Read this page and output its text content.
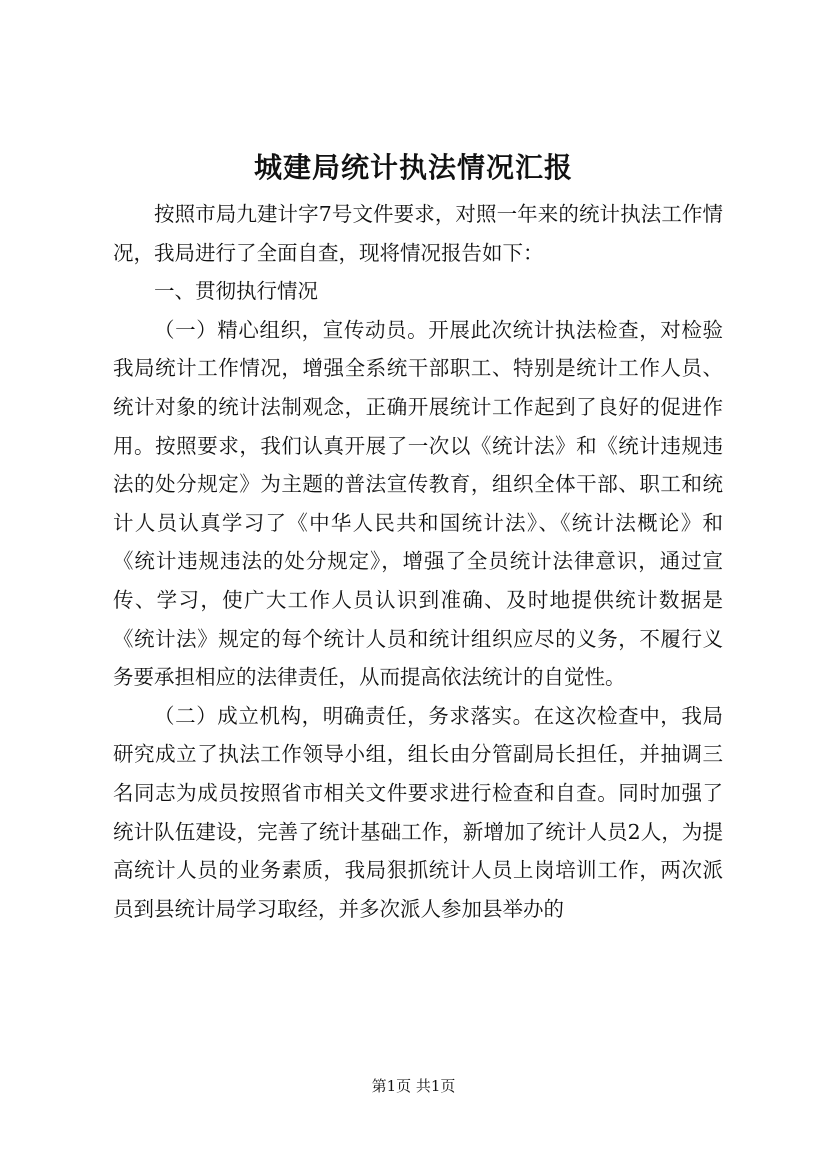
城建局统计执法情况汇报

按照市局九建计字7号文件要求，对照一年来的统计执法工作情况，我局进行了全面自查，现将情况报告如下：

一、贯彻执行情况

（一）精心组织，宣传动员。开展此次统计执法检查，对检验我局统计工作情况，增强全系统干部职工、特别是统计工作人员、统计对象的统计法制观念，正确开展统计工作起到了良好的促进作用。按照要求，我们认真开展了一次以《统计法》和《统计违规违法的处分规定》为主题的普法宣传教育，组织全体干部、职工和统计人员认真学习了《中华人民共和国统计法》、《统计法概论》和《统计违规违法的处分规定》，增强了全员统计法律意识，通过宣传、学习，使广大工作人员认识到准确、及时地提供统计数据是《统计法》规定的每个统计人员和统计组织应尽的义务，不履行义务要承担相应的法律责任，从而提高依法统计的自觉性。

（二）成立机构，明确责任，务求落实。在这次检查中，我局研究成立了执法工作领导小组，组长由分管副局长担任，并抽调三名同志为成员按照省市相关文件要求进行检查和自查。同时加强了统计队伍建设，完善了统计基础工作，新增加了统计人员2人，为提高统计人员的业务素质，我局狠抓统计人员上岗培训工作，两次派员到县统计局学习取经，并多次派人参加县举办的

第1页 共1页
